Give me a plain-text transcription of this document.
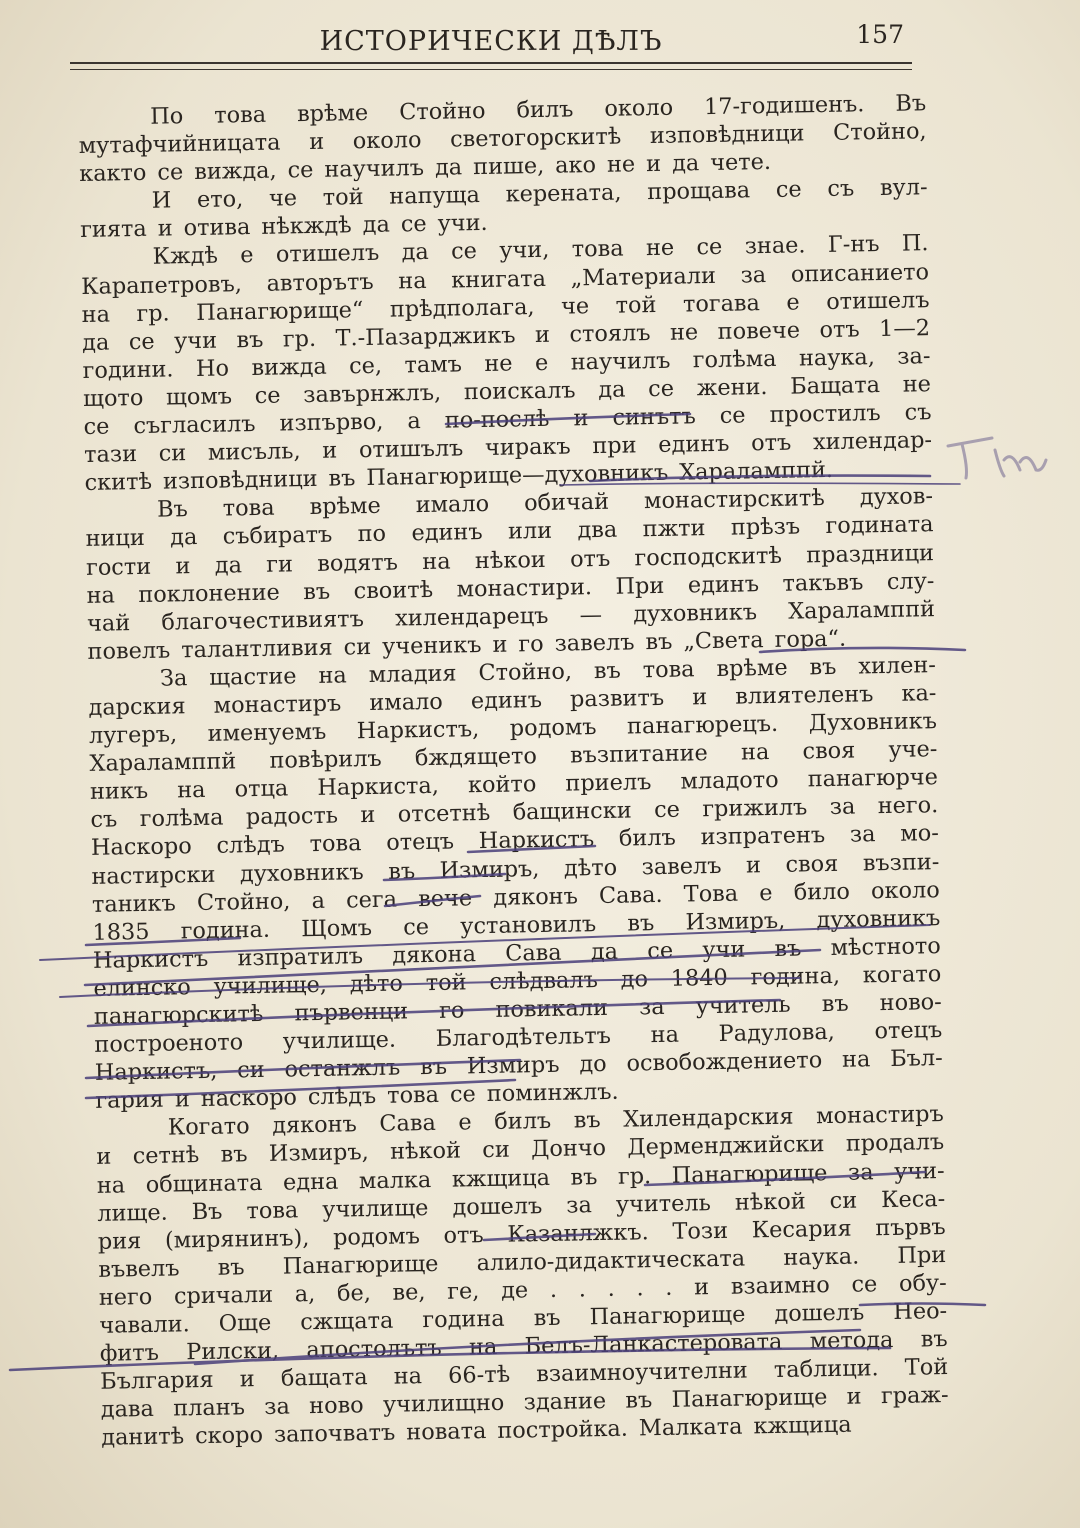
ИСТОРИЧЕСКИ ДѢЛЪ	157
По това врѣме Стойно билъ около 17-годишенъ. Въ
мутафчийницата и около светогорскитѣ изповѣдници Стойно,
както се вижда, се научилъ да пише, ако не и да чете.
И ето, че той напуща керената, прощава се съ вул-
гията и отива нѣкждѣ да се учи.
Кждѣ е отишелъ да се учи, това не се знае. Г-нъ П.
Карапетровъ, авторътъ на книгата „Материали за описанието
на гр. Панагюрище“ прѣдполага, че той тогава е отишелъ
да се учи въ гр. Т.-Пазарджикъ и стоялъ не повече отъ 1—2
години. Но вижда се, тамъ не е научилъ голѣма наука, за-
щото щомъ се завърнжлъ, поискалъ да се жени. Бащата не
се съгласилъ изпърво, а по-послѣ и синътъ се простилъ съ
тази си мисъль, и отишълъ чиракъ при единъ отъ хилендар-
скитѣ изповѣдници въ Панагюрище—духовникъ Хараламппй.
Въ това врѣме имало обичай монастирскитѣ духов-
ници да събиратъ по единъ или два пжти прѣзъ годината
гости и да ги водятъ на нѣкои отъ господскитѣ праздници
на поклонение въ своитѣ монастири. При единъ такъвъ слу-
чай благочестивиятъ хилендарецъ — духовникъ Хараламппй
повелъ талантливия си ученикъ и го завелъ въ „Света гора“.
За щастие на младия Стойно, въ това врѣме въ хилен-
дарския монастиръ имало единъ развитъ и влиятеленъ ка-
лугеръ, именуемъ Наркистъ, родомъ панагюрецъ. Духовникъ
Хараламппй повѣрилъ бждящето възпитание на своя уче-
никъ на отца Наркиста, който приелъ младото панагюрче
съ голѣма радость и отсетнѣ бащински се грижилъ за него.
Наскоро слѣдъ това отецъ Наркистъ билъ изпратенъ за мо-
настирски духовникъ въ Измиръ, дѣто завелъ и своя възпи-
таникъ Стойно, а сега вече дяконъ Сава. Това е било около
1835 година. Щомъ се установилъ въ Измиръ, духовникъ
Наркистъ изпратилъ дякона Сава да се учи въ мѣстното
елинско училище, дѣто той слѣдвалъ до 1840 година, когато
панагюрскитѣ първенци го повикали за учитель въ ново-
построеното училище. Благодѣтельтъ на Радулова, отецъ
Наркистъ, си останжлъ въ Измиръ до освобождението на Бъл-
гария и наскоро слѣдъ това се поминжлъ.
Когато дяконъ Сава е билъ въ Хилендарския монастиръ
и сетнѣ въ Измиръ, нѣкой си Дончо Дерменджийски продалъ
на общината една малка кжщица въ гр. Панагюрище за учи-
лище. Въ това училище дошелъ за учитель нѣкой си Кеса-
рия (мирянинъ), родомъ отъ Казанлжкъ. Този Кесария първъ
въвелъ въ Панагюрище алило-дидактическата наука. При
него сричали а, бе, ве, ге, де . . . . . и взаимно се обу-
чавали. Още сжщата година въ Панагюрище дошелъ Нео-
фитъ Рилски, апостолътъ на Белъ-Ланкастеровата метода въ
България и бащата на 66-тѣ взаимноучителни таблици. Той
дава планъ за ново училищно здание въ Панагюрище и граж-
данитѣ скоро започватъ новата постройка. Малката кжщица
